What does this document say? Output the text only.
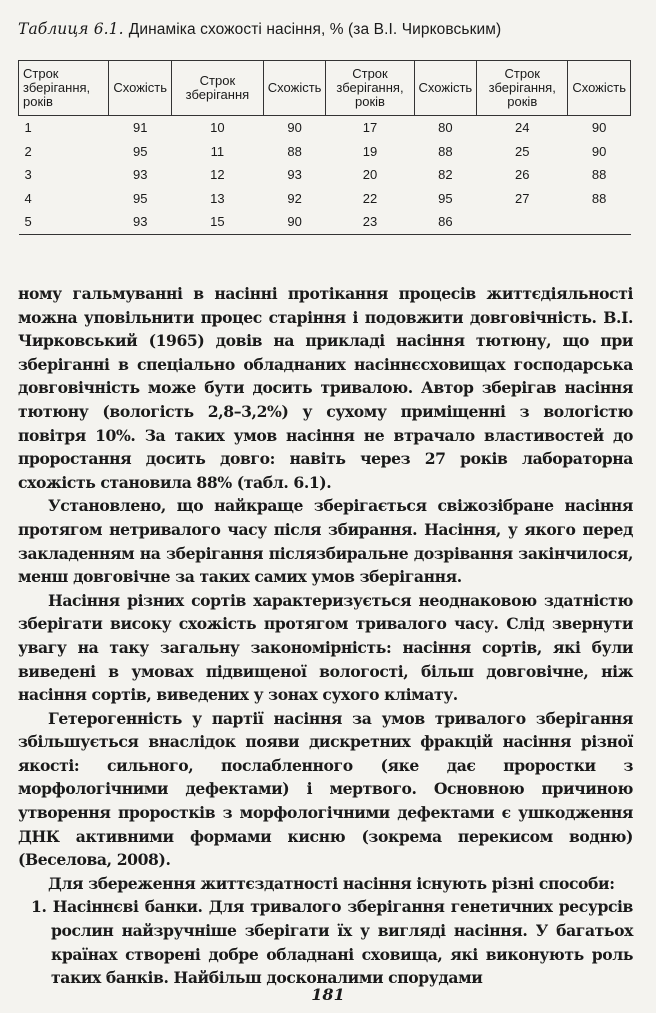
Таблиця 6.1. Динаміка схожості насіння, % (за В.І. Чирковським)
Строк зберігання, років	Схожість	Строк зберігання	Схожість	Строк зберігання, років	Схожість	Строк зберігання, років	Схожість
1	91	10	90	17	80	24	90
2	95	11	88	19	88	25	90
3	93	12	93	20	82	26	88
4	95	13	92	22	95	27	88
5	93	15	90	23	86		

ному гальмуванні в насінні протікання процесів життєдіяльності можна уповільнити процес старіння і подовжити довговічність. В.І. Чирковський (1965) довів на прикладі насіння тютюну, що при зберіганні в спеціально обладнаних насіннєсховищах господарська довговічність може бути досить тривалою. Автор зберігав насіння тютюну (вологість 2,8–3,2%) у сухому приміщенні з вологістю повітря 10%. За таких умов насіння не втрачало властивостей до проростання досить довго: навіть через 27 років лабораторна схожість становила 88% (табл. 6.1).

Установлено, що найкраще зберігається свіжозібране насіння протягом нетривалого часу після збирання. Насіння, у якого перед закладенням на зберігання післязбиральне дозрівання закінчилося, менш довговічне за таких самих умов зберігання.

Насіння різних сортів характеризується неоднаковою здатністю зберігати високу схожість протягом тривалого часу. Слід звернути увагу на таку загальну закономірність: насіння сортів, які були виведені в умовах підвищеної вологості, більш довговічне, ніж насіння сортів, виведених у зонах сухого клімату.

Гетерогенність у партії насіння за умов тривалого зберігання збільшується внаслідок появи дискретних фракцій насіння різної якості: сильного, послабленного (яке дає проростки з морфологічними дефектами) і мертвого. Основною причиною утворення проростків з морфологічними дефектами є ушкодження ДНК активними формами кисню (зокрема перекисом водню) (Веселова, 2008).

Для збереження життєздатності насіння існують різні способи:

1. Насіннєві банки. Для тривалого зберігання генетичних ресурсів рослин найзручніше зберігати їх у вигляді насіння. У багатьох країнах створені добре обладнані сховища, які виконують роль таких банків. Найбільш досконалими спорудами

181
